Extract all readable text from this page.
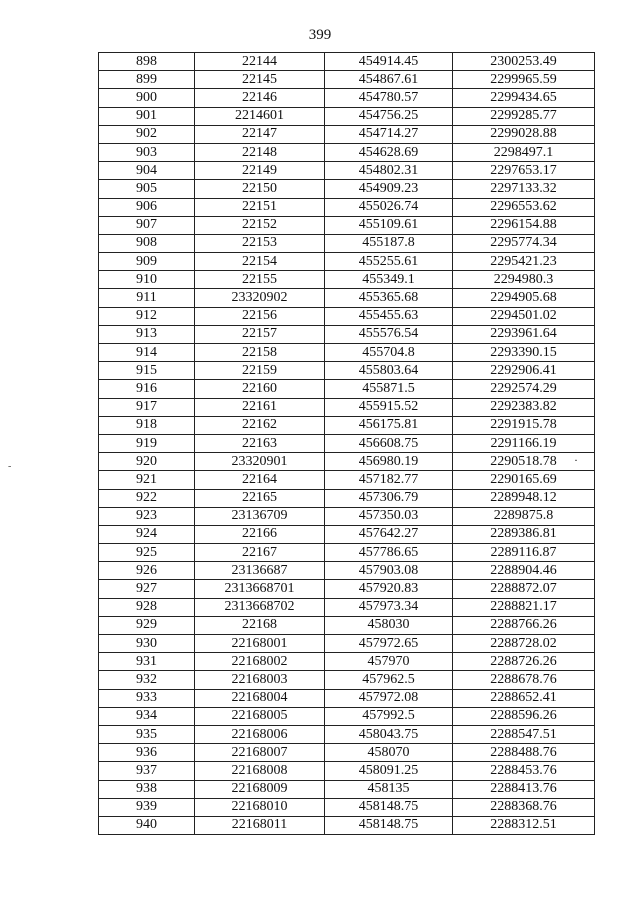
399
898	22144	454914.45	2300253.49
899	22145	454867.61	2299965.59
900	22146	454780.57	2299434.65
901	2214601	454756.25	2299285.77
902	22147	454714.27	2299028.88
903	22148	454628.69	2298497.1
904	22149	454802.31	2297653.17
905	22150	454909.23	2297133.32
906	22151	455026.74	2296553.62
907	22152	455109.61	2296154.88
908	22153	455187.8	2295774.34
909	22154	455255.61	2295421.23
910	22155	455349.1	2294980.3
911	23320902	455365.68	2294905.68
912	22156	455455.63	2294501.02
913	22157	455576.54	2293961.64
914	22158	455704.8	2293390.15
915	22159	455803.64	2292906.41
916	22160	455871.5	2292574.29
917	22161	455915.52	2292383.82
918	22162	456175.81	2291915.78
919	22163	456608.75	2291166.19
920	23320901	456980.19	2290518.78
921	22164	457182.77	2290165.69
922	22165	457306.79	2289948.12
923	23136709	457350.03	2289875.8
924	22166	457642.27	2289386.81
925	22167	457786.65	2289116.87
926	23136687	457903.08	2288904.46
927	2313668701	457920.83	2288872.07
928	2313668702	457973.34	2288821.17
929	22168	458030	2288766.26
930	22168001	457972.65	2288728.02
931	22168002	457970	2288726.26
932	22168003	457962.5	2288678.76
933	22168004	457972.08	2288652.41
934	22168005	457992.5	2288596.26
935	22168006	458043.75	2288547.51
936	22168007	458070	2288488.76
937	22168008	458091.25	2288453.76
938	22168009	458135	2288413.76
939	22168010	458148.75	2288368.76
940	22168011	458148.75	2288312.51
·
-
